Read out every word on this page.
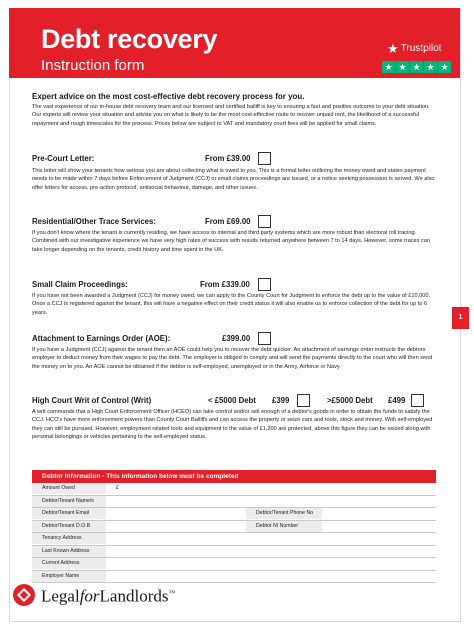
Debt recovery
Instruction form
★ Trustpilot
★ ★ ★ ★ ★
Expert advice on the most cost-effective debt recovery process for you.
The vast experience of our in-house debt recovery team and our licensed and certified bailiff is key to ensuring a fast and positive outcome to your debt situation. Our experts will review your situation and advise you on what is likely to be the most cost-effective route to recover unpaid rent, the likelihood of a successful repayment and rough timescales for the process. Prices below are subject to VAT and mandatory court fees will be applied for small claims.
Pre-Court Letter:	From £39.00
This letter will show your tenants how serious you are about collecting what is owed to you. This is a formal letter outlining the money owed and states payment needs to be made within 7 days before Enforcement of Judgment (CCJ) or small claims proceedings are issued, or a notice seeking possession is served. We also offer letters for access, pre-action protocol, antisocial behaviour, damage, and other issues.
Residential/Other Trace Services:	From £69.00
If you don't know where the tenant is currently residing, we have access to internal and third party systems which are more robust than electoral roll tracing. Combined with our investigative experience we have very high rates of success with results returned anywhere between 7 to 14 days. However, some traces can take longer depending on the tenants, credit history and time spent in the UK.
Small Claim Proceedings:	From £339.00
If you have not been awarded a Judgment (CCJ) for money owed, we can apply to the County Court for Judgment to enforce the debt up to the value of £10,000. Once a CCJ is registered against the tenant, this will have a negative effect on their credit status it will also enable us to enforce collection of the debt for up to 6 years.
Attachment to Earnings Order (AOE):	£399.00
If you have a Judgment (CCJ) against the tenant then an AOE could help you to recover the debt quicker. An attachment of earnings order instructs the debtors employer to deduct money from their wages to pay the debt. The employer is obliged to comply and will send the payments directly to the court who will then send the money on to you. An AOE cannot be obtained if the debtor is self-employed, unemployed or in the Army, Airforce or Navy.
High Court Writ of Control (Writ)	< £5000 Debt £399	>£5000 Debt £499
A writ commands that a High Court Enforcement Officer (HCEO) can take control and/or sell enough of a debtor's goods in order to obtain the funds to satisfy the CCJ. HCO's have more enforcement powers than County Court Bailiffs and can access the property or seize cars and tools, stock and money. With self-employed they can still be pursued. However, employment related tools and equipment to the value of £1,200 are protected, above this figure they can be seized along with personal belongings or vehicles pertaining to the self-employed status.
1
Debtor Information - This information below must be completed
Amount Owed	£
Debtor/Tenant Name/s
Debtor/Tenant Email	Debtor/Tenant Phone No
Debtor/Tenant D.O.B	Debtor NI Number
Tenancy Address
Last Known Address
Current Address
Employer Name
LegalforLandlords™
